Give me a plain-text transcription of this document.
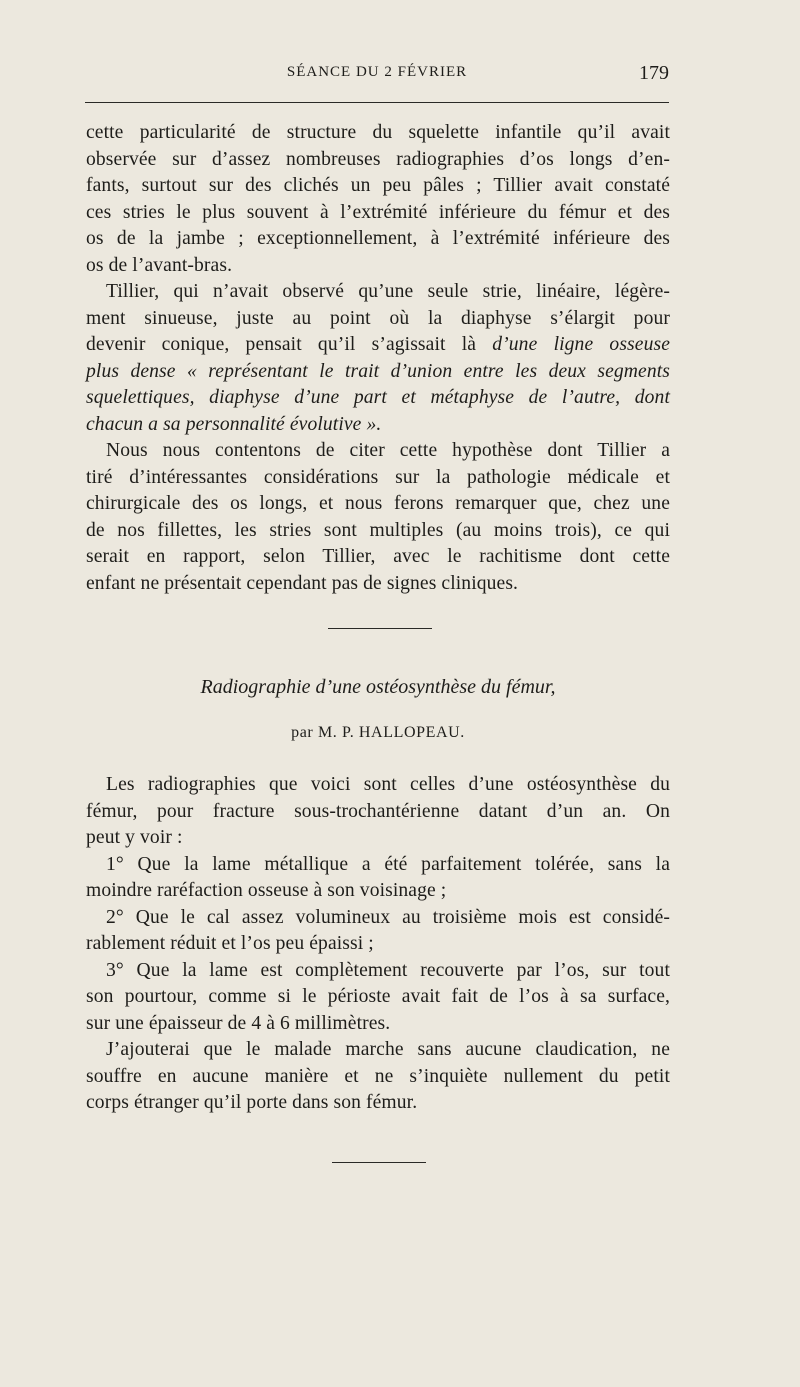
SÉANCE DU 2 FÉVRIER	179

cette particularité de structure du squelette infantile qu’il avait
observée sur d’assez nombreuses radiographies d’os longs d’en-
fants, surtout sur des clichés un peu pâles ; Tillier avait constaté
ces stries le plus souvent à l’extrémité inférieure du fémur et des
os de la jambe ; exceptionnellement, à l’extrémité inférieure des
os de l’avant-bras.

Tillier, qui n’avait observé qu’une seule strie, linéaire, légère-
ment sinueuse, juste au point où la diaphyse s’élargit pour
devenir conique, pensait qu’il s’agissait là d’une ligne osseuse
plus dense « représentant le trait d’union entre les deux segments
squelettiques, diaphyse d’une part et métaphyse de l’autre, dont
chacun a sa personnalité évolutive ».

Nous nous contentons de citer cette hypothèse dont Tillier a
tiré d’intéressantes considérations sur la pathologie médicale et
chirurgicale des os longs, et nous ferons remarquer que, chez une
de nos fillettes, les stries sont multiples (au moins trois), ce qui
serait en rapport, selon Tillier, avec le rachitisme dont cette
enfant ne présentait cependant pas de signes cliniques.

Radiographie d’une ostéosynthèse du fémur,
par M. P. HALLOPEAU.

Les radiographies que voici sont celles d’une ostéosynthèse du
fémur, pour fracture sous-trochantérienne datant d’un an. On
peut y voir :

1° Que la lame métallique a été parfaitement tolérée, sans la
moindre raréfaction osseuse à son voisinage ;

2° Que le cal assez volumineux au troisième mois est considé-
rablement réduit et l’os peu épaissi ;

3° Que la lame est complètement recouverte par l’os, sur tout
son pourtour, comme si le périoste avait fait de l’os à sa surface,
sur une épaisseur de 4 à 6 millimètres.

J’ajouterai que le malade marche sans aucune claudication, ne
souffre en aucune manière et ne s’inquiète nullement du petit
corps étranger qu’il porte dans son fémur.
